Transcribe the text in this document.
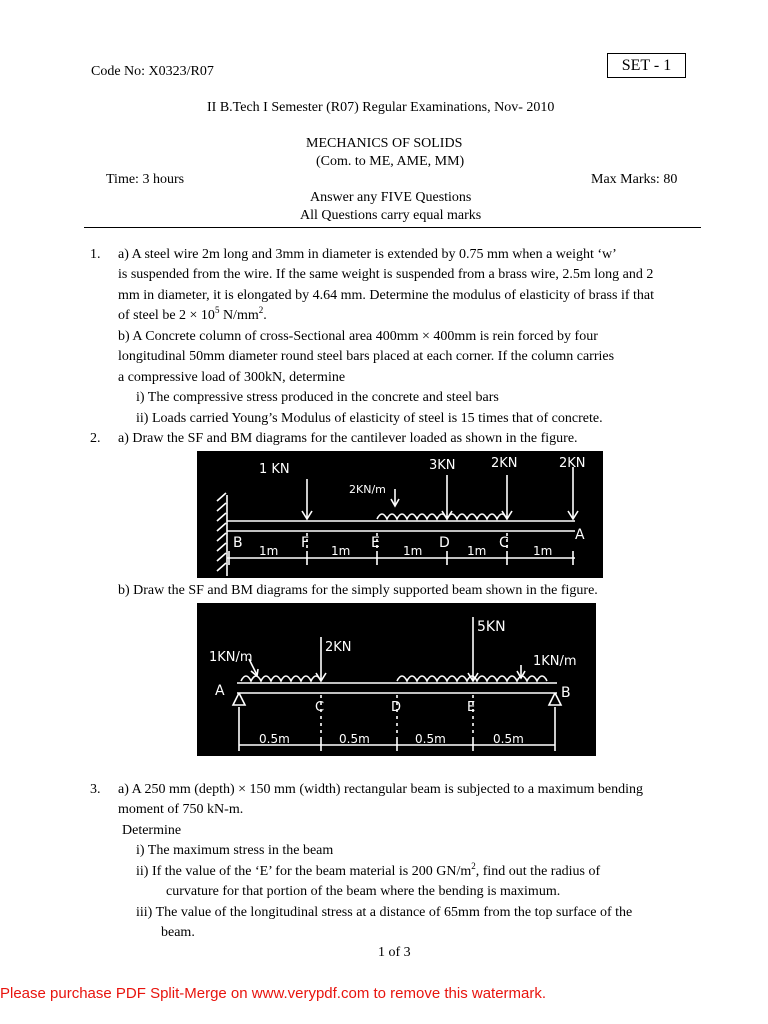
Code No: X0323/R07	SET - 1
II B.Tech I Semester (R07) Regular Examinations, Nov- 2010
MECHANICS OF SOLIDS
(Com. to ME, AME, MM)
Time: 3 hours	Max Marks: 80
Answer any FIVE Questions
All Questions carry equal marks
1. a) A steel wire 2m long and 3mm in diameter is extended by 0.75 mm when a weight ‘w’
is suspended from the wire. If the same weight is suspended from a brass wire, 2.5m long and 2
mm in diameter, it is elongated by 4.64 mm. Determine the modulus of elasticity of brass if that
of steel be $2 \times 10^5$ $N/mm^2$.
b) A Concrete column of cross-Sectional area 400mm × 400mm is rein forced by four
longitudinal 50mm diameter round steel bars placed at each corner. If the column carries
a compressive load of 300kN, determine
i) The compressive stress produced in the concrete and steel bars
ii) Loads carried Young’s Modulus of elasticity of steel is 15 times that of concrete.
2. a) Draw the SF and BM diagrams for the cantilever loaded as shown in the figure.
1 KN
2KN/m
3KN	2KN	2KN
B	F	E	D	C	A
1m	1m	1m	1m	1m
b) Draw the SF and BM diagrams for the simply supported beam shown in the figure.
1KN/m
2KN
5KN
1KN/m
A
C	D	E
B
0.5m	0.5m	0.5m	0.5m
3. a) A 250 mm (depth) × 150 mm (width) rectangular beam is subjected to a maximum bending
moment of 750 kN-m.
Determine
i) The maximum stress in the beam
ii) If the value of the ‘E’ for the beam material is 200 $GN/m^2$, find out the radius of
curvature for that portion of the beam where the bending is maximum.
iii) The value of the longitudinal stress at a distance of 65mm from the top surface of the
beam.
1 of 3
Please purchase PDF Split-Merge on www.verypdf.com to remove this watermark.
